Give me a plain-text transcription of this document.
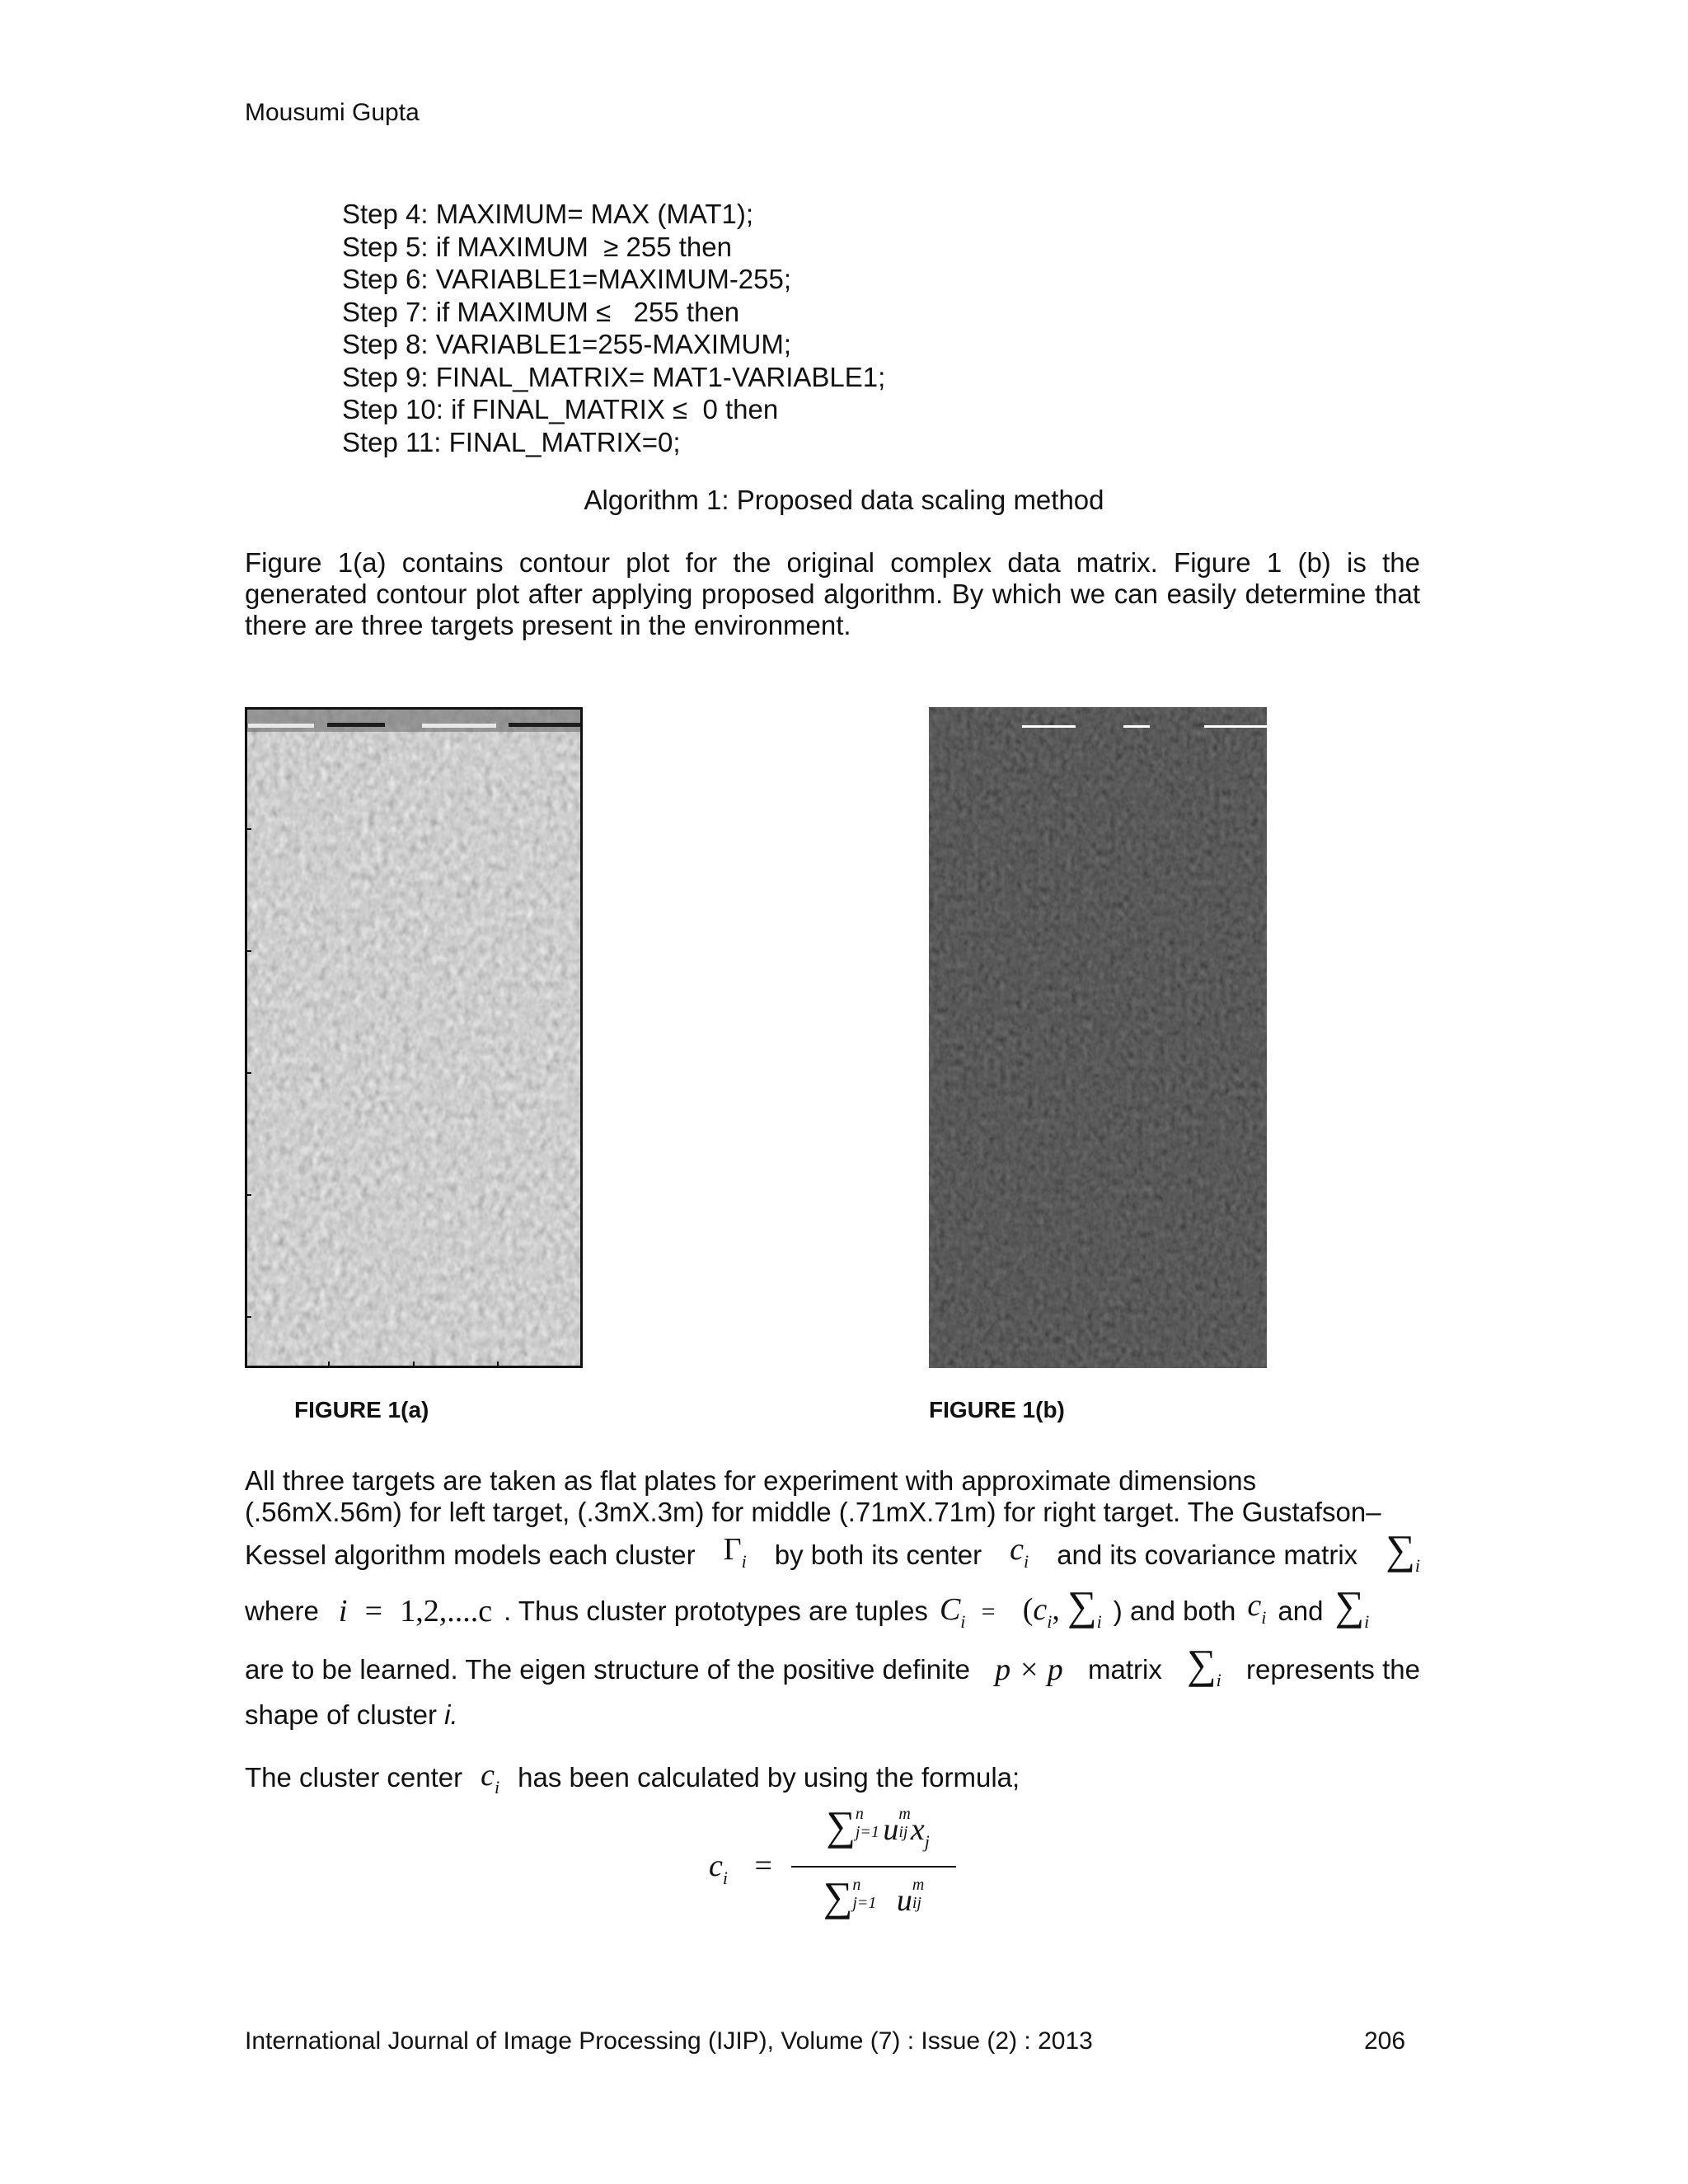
Mousumi Gupta
Step 4: MAXIMUM= MAX (MAT1);
Step 5: if MAXIMUM  ≥ 255 then
Step 6: VARIABLE1=MAXIMUM-255;
Step 7: if MAXIMUM ≤   255 then
Step 8: VARIABLE1=255-MAXIMUM;
Step 9: FINAL_MATRIX= MAT1-VARIABLE1;
Step 10: if FINAL_MATRIX ≤  0 then
Step 11: FINAL_MATRIX=0;
Algorithm 1: Proposed data scaling method
Figure 1(a) contains contour plot for the original complex data matrix. Figure 1 (b) is the generated contour plot after applying proposed algorithm. By which we can easily determine that there are three targets present in the environment.
FIGURE 1(a)	FIGURE 1(b)
All three targets are taken as flat plates for experiment with approximate dimensions
(.56mX.56m) for left target, (.3mX.3m) for middle (.71mX.71m) for right target. The Gustafson–
Kessel algorithm models each cluster $\Gamma_i$ by both its center $c_i$ and its covariance matrix $\sum_i$
where i = 1,2,....c . Thus cluster prototypes are tuples $C_i = (c_i$, $\sum_i$ ) and both $c_i$ and $\sum_i$
are to be learned. The eigen structure of the positive definite p × p matrix $\sum_i$ represents the
shape of cluster i.
The cluster center $c_i$ has been calculated by using the formula;
ci =
∑n
j=1 um
ijxj
∑n
j=1 um
ij
International Journal of Image Processing (IJIP), Volume (7) : Issue (2) : 2013	206
